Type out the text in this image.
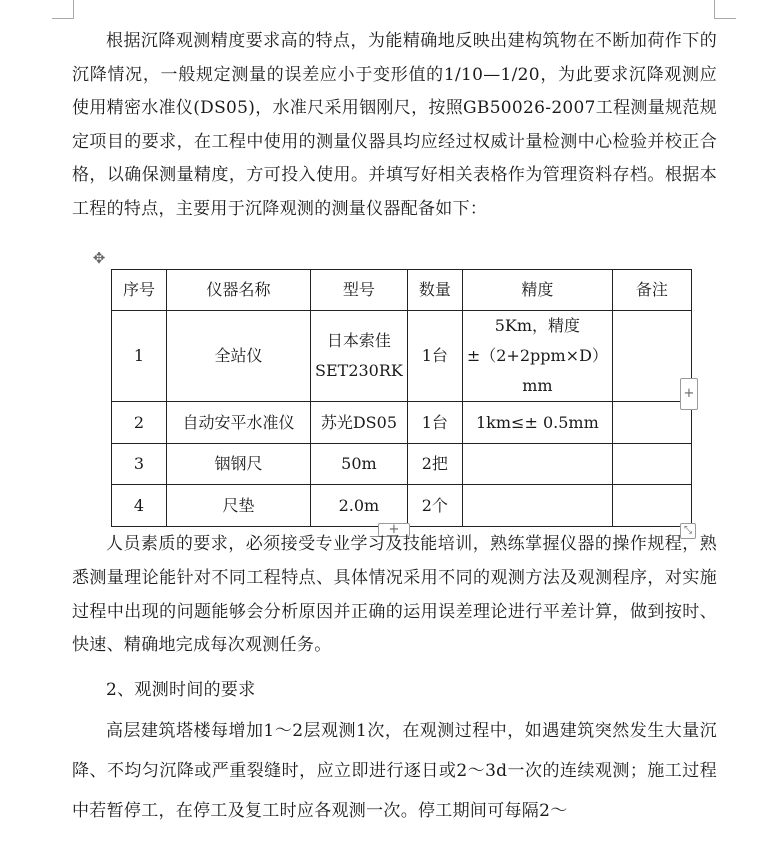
根据沉降观测精度要求高的特点，为能精确地反映出建构筑物在不断加荷作下的沉降情况，一般规定测量的误差应小于变形值的1/10—1/20，为此要求沉降观测应使用精密水准仪(DS05)，水准尺采用铟刚尺，按照GB50026-2007工程测量规范规定项目的要求，在工程中使用的测量仪器具均应经过权威计量检测中心检验并校正合格，以确保测量精度，方可投入使用。并填写好相关表格作为管理资料存档。根据本工程的特点，主要用于沉降观测的测量仪器配备如下：

✥
序号	仪器名称	型号	数量	精度	备注
1	全站仪	日本索佳SET230RK	1台	5Km，精度±（2+2ppm×D）mm	
2	自动安平水准仪	苏光DS05	1台	1km≤± 0.5mm	
3	铟钢尺	50m	2把		
4	尺垫	2.0m	2个		
+
+	⤡

人员素质的要求，必须接受专业学习及技能培训，熟练掌握仪器的操作规程，熟悉测量理论能针对不同工程特点、具体情况采用不同的观测方法及观测程序，对实施过程中出现的问题能够会分析原因并正确的运用误差理论进行平差计算，做到按时、快速、精确地完成每次观测任务。

2、观测时间的要求

高层建筑塔楼每增加1～2层观测1次，在观测过程中，如遇建筑突然发生大量沉降、不均匀沉降或严重裂缝时，应立即进行逐日或2～3d一次的连续观测；施工过程中若暂停工，在停工及复工时应各观测一次。停工期间可每隔2～
